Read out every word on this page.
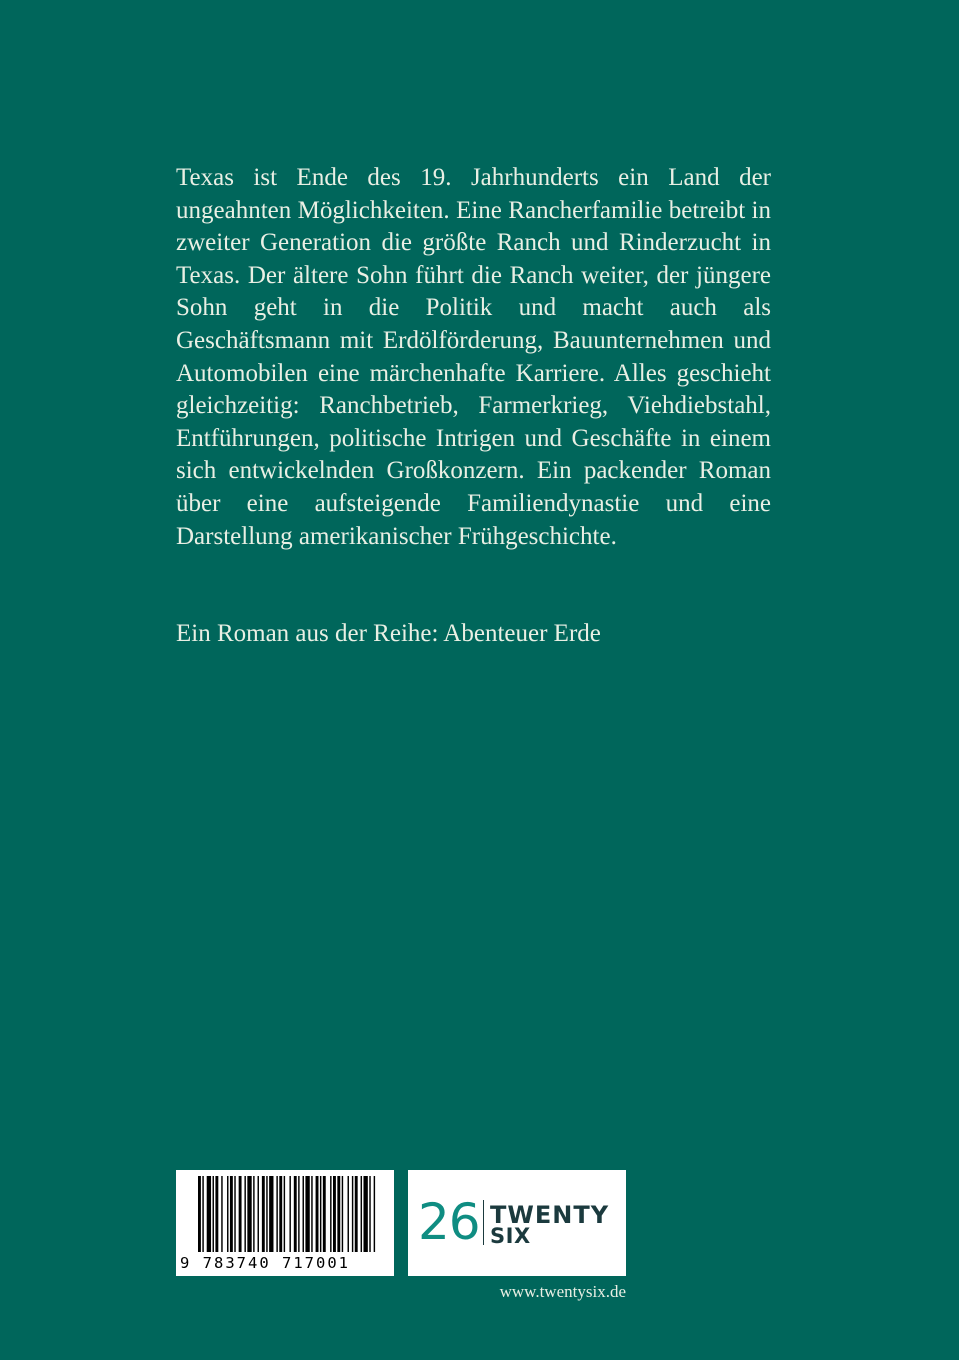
Texas ist Ende des 19. Jahrhunderts ein Land der ungeahnten Möglichkeiten. Eine Rancherfamilie betreibt in zweiter Generation die größte Ranch und Rinderzucht in Texas. Der ältere Sohn führt die Ranch weiter, der jüngere Sohn geht in die Politik und macht auch als Geschäftsmann mit Erdölförderung, Bauunternehmen und Automobilen eine märchenhafte Karriere. Alles geschieht gleichzeitig: Ranchbetrieb, Farmerkrieg, Viehdiebstahl, Entführungen, politische Intrigen und Geschäfte in einem sich entwickelnden Großkonzern. Ein packender Roman über eine aufsteigende Familiendynastie und eine Darstellung amerikanischer Frühgeschichte.

Ein Roman aus der Reihe: Abenteuer Erde

9 783740 717001
26 TWENTY
SIX
www.twentysix.de
